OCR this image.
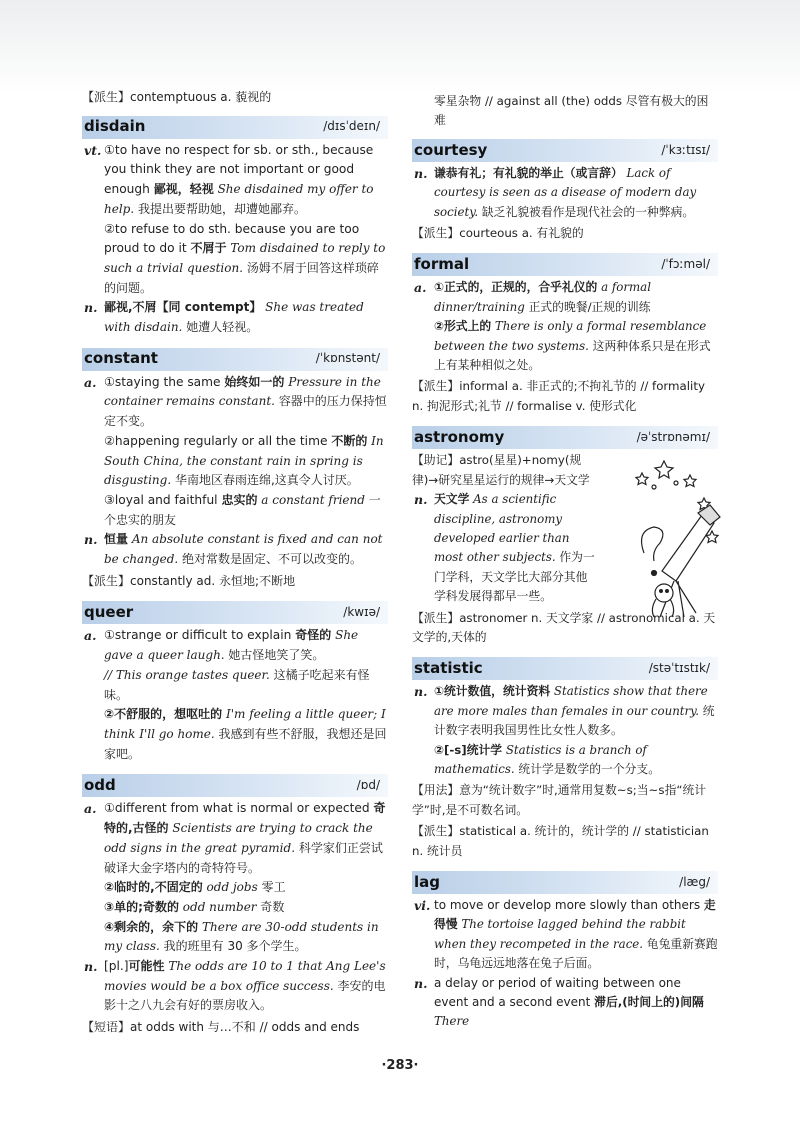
【派生】contemptuous a. 藐视的

disdain	/dɪsˈdeɪn/
vt. ①to have no respect for sb. or sth., because you think they are not important or good enough 鄙视，轻视 She disdained my offer to help. 我提出要帮助她，却遭她鄙弃。

②to refuse to do sth. because you are too proud to do it 不屑于 Tom disdained to reply to such a trivial question. 汤姆不屑于回答这样琐碎的问题。

n. 鄙视,不屑【同 contempt】 She was treated with disdain. 她遭人轻视。

constant	/ˈkɒnstənt/
a. ①staying the same 始终如一的 Pressure in the container remains constant. 容器中的压力保持恒定不变。

②happening regularly or all the time 不断的 In South China, the constant rain in spring is disgusting. 华南地区春雨连绵,这真令人讨厌。

③loyal and faithful 忠实的 a constant friend 一个忠实的朋友

n. 恒量 An absolute constant is fixed and can not be changed. 绝对常数是固定、不可以改变的。

【派生】constantly ad. 永恒地;不断地

queer	/kwɪə/
a. ①strange or difficult to explain 奇怪的 She gave a queer laugh. 她古怪地笑了笑。

// This orange tastes queer. 这橘子吃起来有怪味。

②不舒服的，想呕吐的 I'm feeling a little queer; I think I'll go home. 我感到有些不舒服，我想还是回家吧。

odd	/ɒd/
a. ①different from what is normal or expected 奇特的,古怪的 Scientists are trying to crack the odd signs in the great pyramid. 科学家们正尝试破译大金字塔内的奇特符号。

②临时的,不固定的 odd jobs 零工

③单的;奇数的 odd number 奇数

④剩余的，余下的 There are 30-odd students in my class. 我的班里有 30 多个学生。

n. [pl.]可能性 The odds are 10 to 1 that Ang Lee's movies would be a box office success. 李安的电影十之八九会有好的票房收入。

【短语】at odds with 与…不和 // odds and ends

零星杂物 // against all (the) odds 尽管有极大的困难

courtesy	/ˈkɜːtɪsɪ/
n. 谦恭有礼；有礼貌的举止（或言辞） Lack of courtesy is seen as a disease of modern day society. 缺乏礼貌被看作是现代社会的一种弊病。

【派生】courteous a. 有礼貌的

formal	/ˈfɔːməl/
a. ①正式的，正规的，合乎礼仪的 a formal dinner/training 正式的晚餐/正规的训练

②形式上的 There is only a formal resemblance between the two systems. 这两种体系只是在形式上有某种相似之处。

【派生】informal a. 非正式的;不拘礼节的 // formality n. 拘泥形式;礼节 // formalise v. 使形式化

astronomy	/əˈstrɒnəmɪ/

【助记】astro(星星)+nomy(规律)→研究星星运行的规律→天文学

n. 天文学 As a scientific discipline, astronomy developed earlier than most other subjects. 作为一门学科，天文学比大部分其他学科发展得都早一些。

【派生】astronomer n. 天文学家 // astronomical a. 天文学的,天体的

statistic	/stəˈtɪstɪk/
n. ①统计数值，统计资料 Statistics show that there are more males than females in our country. 统计数字表明我国男性比女性人数多。

②[-s]统计学 Statistics is a branch of mathematics. 统计学是数学的一个分支。

【用法】意为“统计数字”时,通常用复数~s;当~s指“统计学”时,是不可数名词。

【派生】statistical a. 统计的，统计学的 // statistician n. 统计员

lag	/læg/
vi. to move or develop more slowly than others 走得慢 The tortoise lagged behind the rabbit when they recompeted in the race. 龟兔重新赛跑时，乌龟远远地落在兔子后面。

n. a delay or period of waiting between one event and a second event 滞后,(时间上的)间隔 There

·283·
